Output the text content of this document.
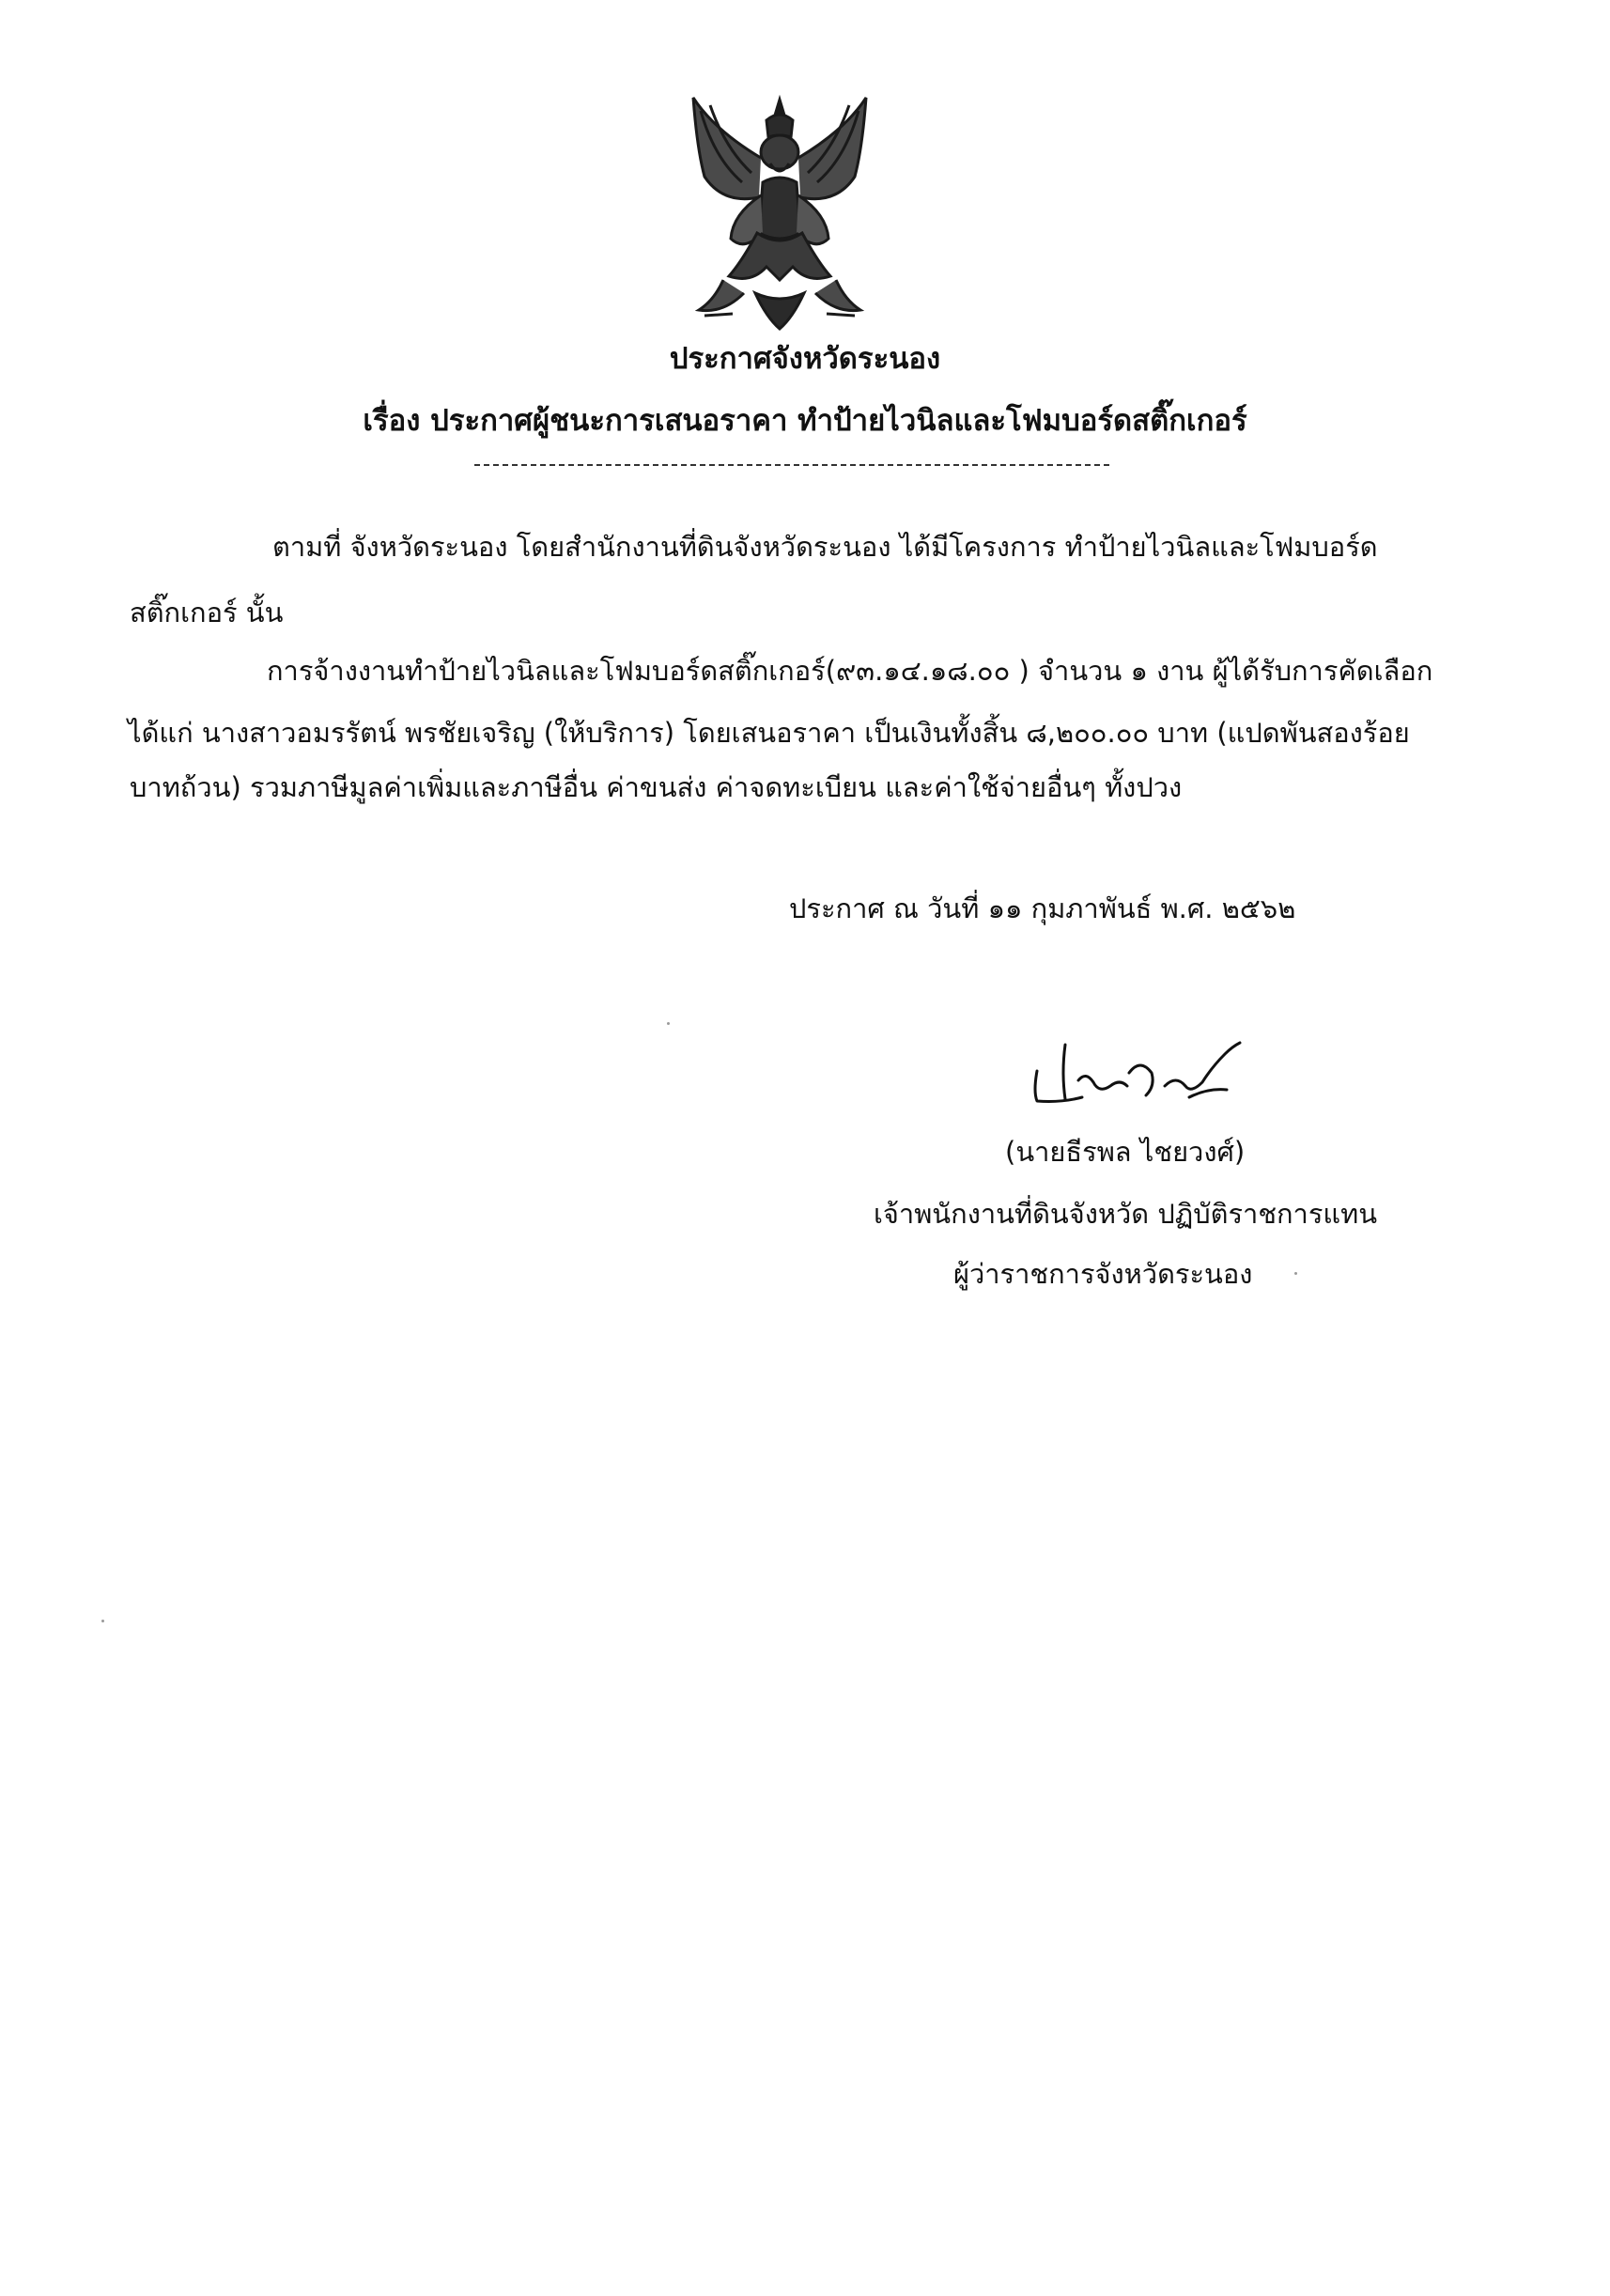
ประกาศจังหวัดระนอง
เรื่อง ประกาศผู้ชนะการเสนอราคา ทำป้ายไวนิลและโฟมบอร์ดสติ๊กเกอร์
ตามที่ จังหวัดระนอง โดยสำนักงานที่ดินจังหวัดระนอง ได้มีโครงการ ทำป้ายไวนิลและโฟมบอร์ด
สติ๊กเกอร์ นั้น
การจ้างงานทำป้ายไวนิลและโฟมบอร์ดสติ๊กเกอร์(๙๓.๑๔.๑๘.๐๐ ) จำนวน ๑ งาน ผู้ได้รับการคัดเลือก
ได้แก่ นางสาวอมรรัตน์ พรชัยเจริญ (ให้บริการ) โดยเสนอราคา เป็นเงินทั้งสิ้น ๘,๒๐๐.๐๐ บาท (แปดพันสองร้อย
บาทถ้วน) รวมภาษีมูลค่าเพิ่มและภาษีอื่น ค่าขนส่ง ค่าจดทะเบียน และค่าใช้จ่ายอื่นๆ ทั้งปวง
ประกาศ ณ วันที่ ๑๑ กุมภาพันธ์ พ.ศ. ๒๕๖๒
(นายธีรพล ไชยวงศ์)
เจ้าพนักงานที่ดินจังหวัด ปฏิบัติราชการแทน
ผู้ว่าราชการจังหวัดระนอง
